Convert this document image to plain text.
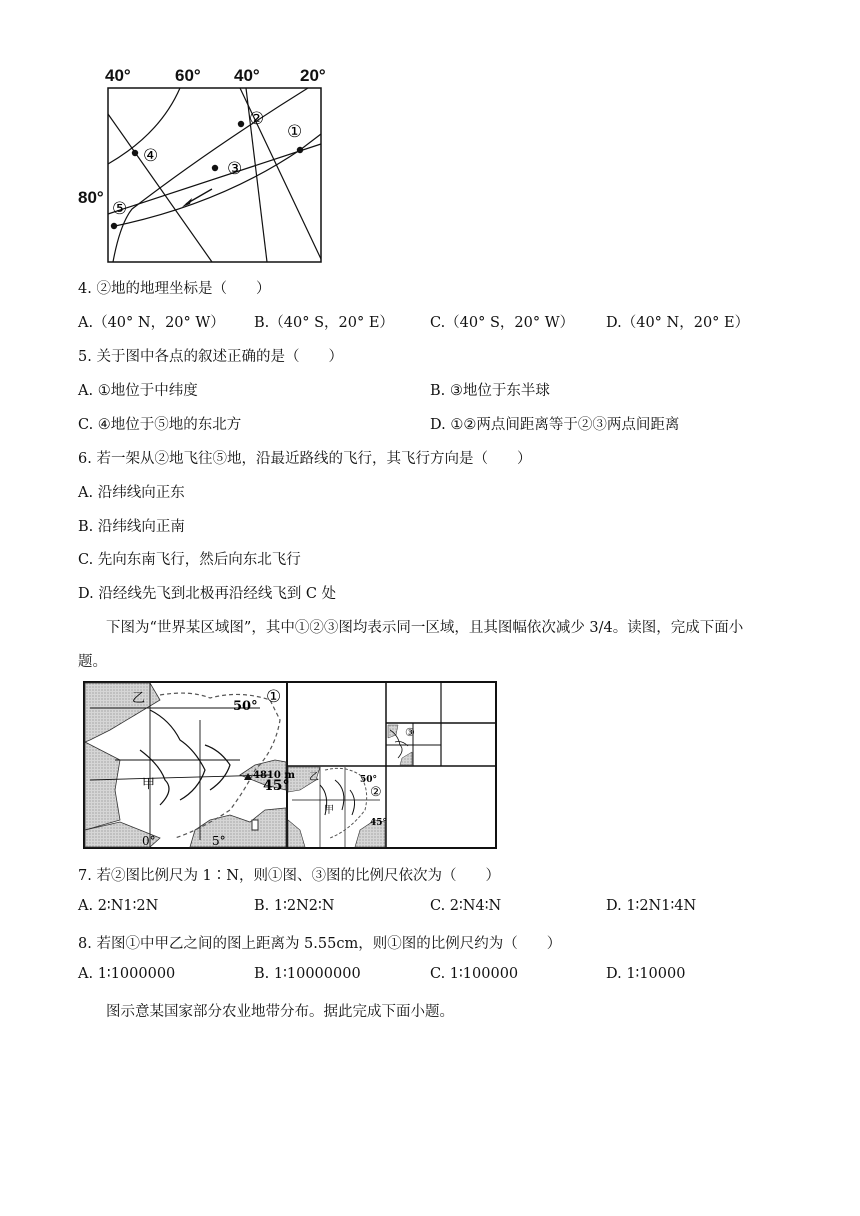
40°	60° 40° 20°
80°
①
②
③
④
⑤
4. ②地的地理坐标是（　　）
A.（40° N，20° W） B.（40° S，20° E） C.（40° S，20° W） D.（40° N，20° E）
5. 关于图中各点的叙述正确的是（　　）
A. ①地位于中纬度	B. ③地位于东半球
C. ④地位于⑤地的东北方	D. ①②两点间距离等于②③两点间距离
6. 若一架从②地飞往⑤地，沿最近路线的飞行，其飞行方向是（　　）
A. 沿纬线向正东
B. 沿纬线向正南
C. 先向东南飞行，然后向东北飞行
D. 沿经线先飞到北极再沿经线飞到 C 处
下图为“世界某区域图”，其中①②③图均表示同一区域，且其图幅依次减少 3/4。读图，完成下面小
题。
乙
甲
50°
45°
4810 m
0°	5°
①
乙
甲
50°
45°
②
③
7. 若②图比例尺为 1∶N，则①图、③图的比例尺依次为（　　）
A. 2∶N1∶2N	B. 1∶2N2∶N	C. 2∶N4∶N	D. 1∶2N1∶4N
8. 若图①中甲乙之间的图上距离为 5.55cm，则①图的比例尺约为（　　）
A. 1∶1000000	B. 1∶10000000	C. 1∶100000	D. 1∶10000
图示意某国家部分农业地带分布。据此完成下面小题。
